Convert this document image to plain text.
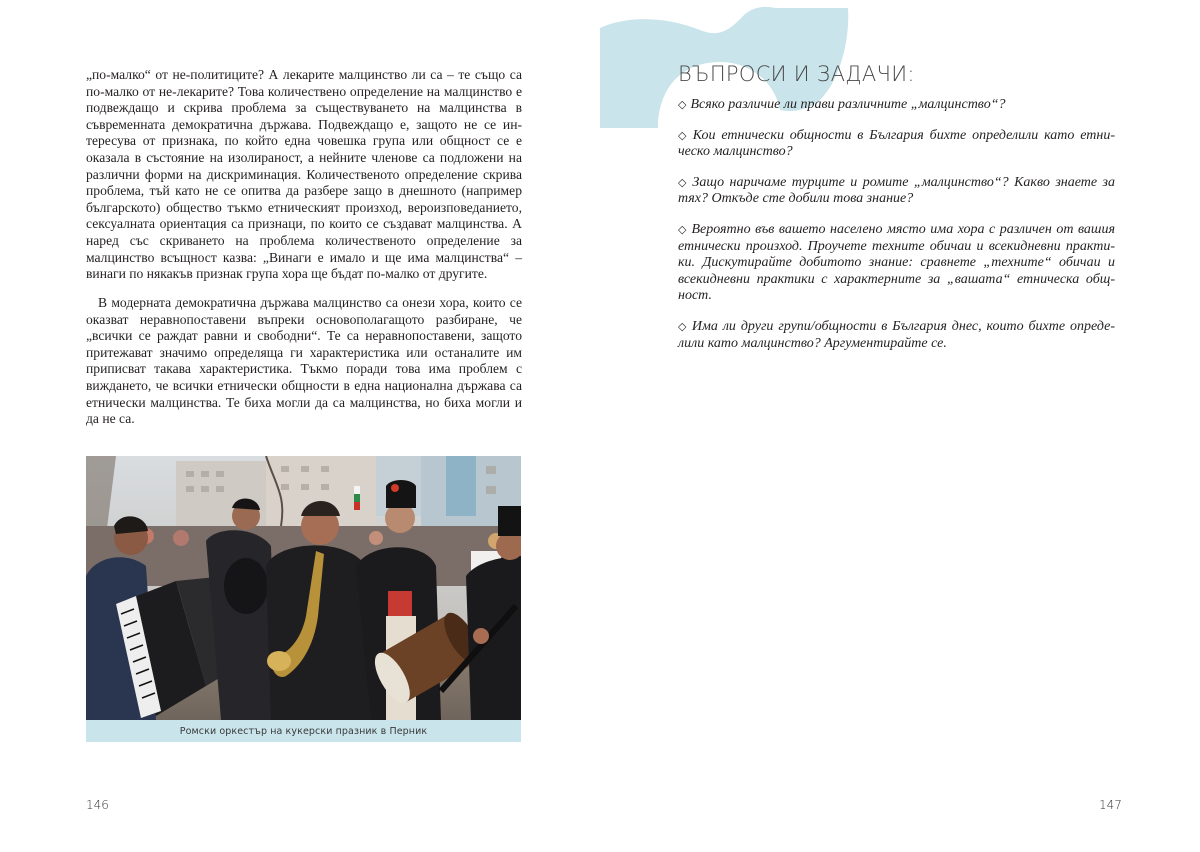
„по-малко“ от не-политиците? А лекарите малцинство ли са – те също са по-малко от не-лекарите? Това количествено определение на малцинство е подвеждащо и скрива проблема за съществуването на малцинства в съвременната демократична държава. Подвеждащо е, защото не се интересува от признака, по който една човешка група или общност се е оказала в състояние на изолираност, а нейните членове са подложени на различни форми на дискриминация. Количественото определение скрива проблема, тъй като не се опитва да разбере защо в днешното (например българското) общество тъкмо етническият произход, вероизповеданието, сексуалната ориентация са признаци, по които се създават малцинства. А наред със скриването на проблема количественото определение за малцинство всъщност казва: „Винаги е имало и ще има малцинства“ – винаги по някакъв признак група хора ще бъдат по-малко от другите.

В модерната демократична държава малцинство са онези хора, които се оказват неравнопоставени въпреки основополагащото разбиране, че „всички се раждат равни и свободни“. Те са неравнопоставени, защото притежават значимо определяща ги характеристика или останалите им приписват такава характеристика. Тъкмо поради това има проблем с виждането, че всички етнически общности в една национална държава са етнически малцинства. Те биха могли да са малцинства, но биха могли и да не са.

Ромски оркестър на кукерски празник в Перник
146
ВЪПРОСИ И ЗАДАЧИ:

◇ Всяко различие ли прави различните „малцинство“?

◇ Кои етнически общности в България бихте определили като етническо малцинство?

◇ Защо наричаме турците и ромите „малцинство“? Какво знаете за тях? Откъде сте добили това знание?

◇ Вероятно във вашето населено място има хора с различен от вашия етнически произход. Проучете техните обичаи и всекидневни практики. Дискутирайте добитото знание: сравнете „техните“ обичаи и всекидневни практики с характерните за „вашата“ етническа общност.

◇ Има ли други групи/общности в България днес, които бихте определили като малцинство? Аргументирайте се.

147
